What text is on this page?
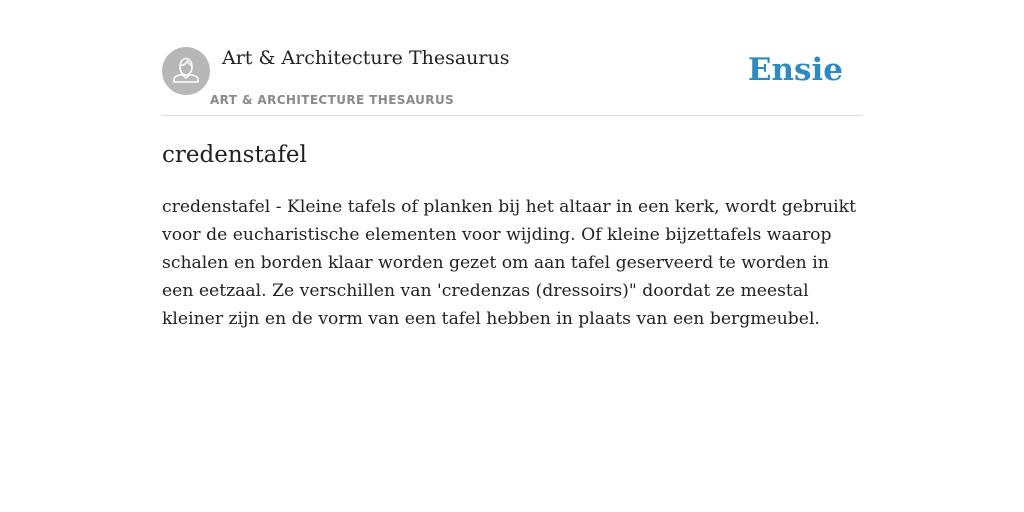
Art & Architecture Thesaurus
ART & ARCHITECTURE THESAURUS
Ensie
credenstafel

credenstafel - Kleine tafels of planken bij het altaar in een kerk, wordt gebruikt voor de eucharistische elementen voor wijding. Of kleine bijzettafels waarop schalen en borden klaar worden gezet om aan tafel geserveerd te worden in een eetzaal. Ze verschillen van 'credenzas (dressoirs)" doordat ze meestal kleiner zijn en de vorm van een tafel hebben in plaats van een bergmeubel.
